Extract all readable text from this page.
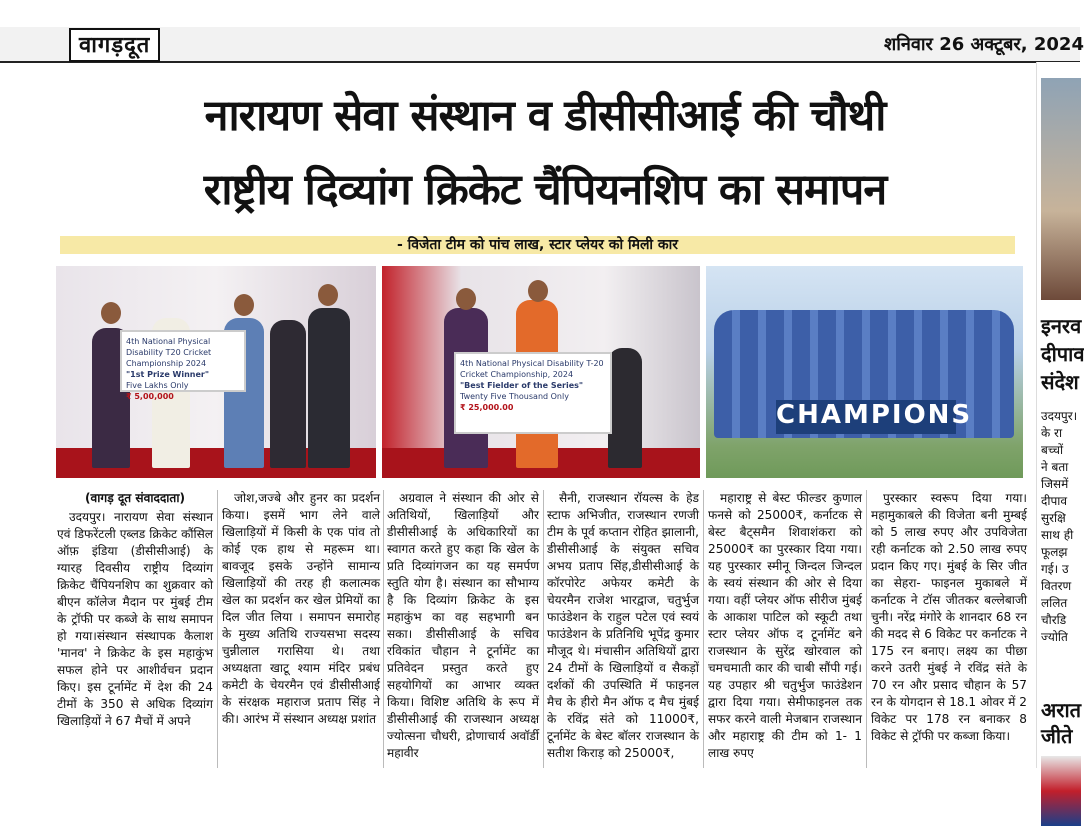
वागड़दूत	शनिवार 26 अक्टूबर, 2024
नारायण सेवा संस्थान व डीसीसीआई की चौथी
राष्ट्रीय दिव्यांग क्रिकेट चैंपियनशिप का समापन
- विजेता टीम को पांच लाख, स्टार प्लेयर को मिली कार
4th National Physical Disability T20 Cricket Championship 2024
"1st Prize Winner"
Five Lakhs Only
₹ 5,00,000
4th National Physical Disability T-20 Cricket Championship, 2024
"Best Fielder of the Series"
Twenty Five Thousand Only
₹ 25,000.00	CHAMPIONS
(वागड़ दूत संवाददाता)

उदयपुर। नारायण सेवा संस्थान एवं डिफरेंटली एब्लड क्रिकेट कौंसिल ऑफ़ इंडिया (डीसीसीआई) के ग्यारह दिवसीय राष्ट्रीय दिव्यांग क्रिकेट चैंपियनशिप का शुक्रवार को बीएन कॉलेज मैदान पर मुंबई टीम के ट्रॉफी पर कब्जे के साथ समापन हो गया।संस्थान संस्थापक कैलाश 'मानव' ने क्रिकेट के इस महाकुंभ सफल होने पर आशीर्वचन प्रदान किए। इस टूर्नामेंट में देश की 24 टीमों के 350 से अधिक दिव्यांग खिलाड़ियों ने 67 मैचों में अपने

जोश,जज्बे और हुनर का प्रदर्शन किया। इसमें भाग लेने वाले खिलाड़ियों में किसी के एक पांव तो कोई एक हाथ से महरूम था। बावजूद इसके उन्होंने सामान्य खिलाड़ियों की तरह ही कलात्मक खेल का प्रदर्शन कर खेल प्रेमियों का दिल जीत लिया । समापन समारोह के मुख्य अतिथि राज्यसभा सदस्य चुन्नीलाल गरासिया थे। तथा अध्यक्षता खाटू श्याम मंदिर प्रबंध कमेटी के चेयरमैन एवं डीसीसीआई के संरक्षक महाराज प्रताप सिंह ने की। आरंभ में संस्थान अध्यक्ष प्रशांत

अग्रवाल ने संस्थान की ओर से अतिथियों, खिलाड़ियों और डीसीसीआई के अधिकारियों का स्वागत करते हुए कहा कि खेल के प्रति दिव्यांगजन का यह समर्पण स्तुति योग है। संस्थान का सौभाग्य है कि दिव्यांग क्रिकेट के इस महाकुंभ का वह सहभागी बन सका। डीसीसीआई के सचिव रविकांत चौहान ने टूर्नामेंट का प्रतिवेदन प्रस्तुत करते हुए सहयोगियों का आभार व्यक्त किया। विशिष्ट अतिथि के रूप में डीसीसीआई की राजस्थान अध्यक्ष ज्योत्सना चौधरी, द्रोणाचार्य अवॉर्डी महावीर

सैनी, राजस्थान रॉयल्स के हेड स्टाफ अभिजीत, राजस्थान रणजी टीम के पूर्व कप्तान रोहित झालानी, डीसीसीआई के संयुक्त सचिव अभय प्रताप सिंह,डीसीसीआई के कॉरपोरेट अफेयर कमेटी के चेयरमैन राजेश भारद्वाज, चतुर्भुज फाउंडेशन के राहुल पटेल एवं स्वयं फाउंडेशन के प्रतिनिधि भूपेंद्र कुमार मौजूद थे। मंचासीन अतिथियों द्वारा 24 टीमों के खिलाड़ियों व सैकड़ों दर्शकों की उपस्थिति में फाइनल मैच के हीरो मैन ऑफ द मैच मुंबई के रविंद्र संते को 11000₹, टूर्नामेंट के बेस्ट बॉलर राजस्थान के सतीश किराड़ को 25000₹,

महाराष्ट्र से बेस्ट फील्डर कुणाल फनसे को 25000₹, कर्नाटक से बेस्ट बैट्समैन शिवाशंकरा को 25000₹ का पुरस्कार दिया गया। यह पुरस्कार स्मीनू जिन्दल जिन्दल के स्वयं संस्थान की ओर से दिया गया। वहीं प्लेयर ऑफ सीरीज मुंबई के आकाश पाटिल को स्कूटी तथा स्टार प्लेयर ऑफ द टूर्नामेंट बने राजस्थान के सुरेंद्र खोरवाल को चमचमाती कार की चाबी सौंपी गई। यह उपहार श्री चतुर्भुज फाउंडेशन द्वारा दिया गया। सेमीफाइनल तक सफर करने वाली मेजबान राजस्थान और महाराष्ट्र की टीम को 1- 1 लाख रुपए

पुरस्कार स्वरूप दिया गया। महामुकाबले की विजेता बनी मुम्बई को 5 लाख रुपए और उपविजेता रही कर्नाटक को 2.50 लाख रुपए प्रदान किए गए। मुंबई के सिर जीत का सेहरा- फाइनल मुकाबले में कर्नाटक ने टॉस जीतकर बल्लेबाजी चुनी। नरेंद्र मंगोरे के शानदार 68 रन की मदद से 6 विकेट पर कर्नाटक ने 175 रन बनाए। लक्ष्य का पीछा करने उतरी मुंबई ने रविंद्र संते के 70 रन और प्रसाद चौहान के 57 रन के योगदान से 18.1 ओवर में 2 विकेट पर 178 रन बनाकर 8 विकेट से ट्रॉफी पर कब्जा किया।

इनरव
दीपाव
संदेश
उदयपुर।
के रा
बच्चों
ने बता
जिसमें
दीपाव
सुरक्षि
साथ ही
फूलझ
गई। उ
वितरण
ललित
चौरडि
ज्योति
अरात
जीते
